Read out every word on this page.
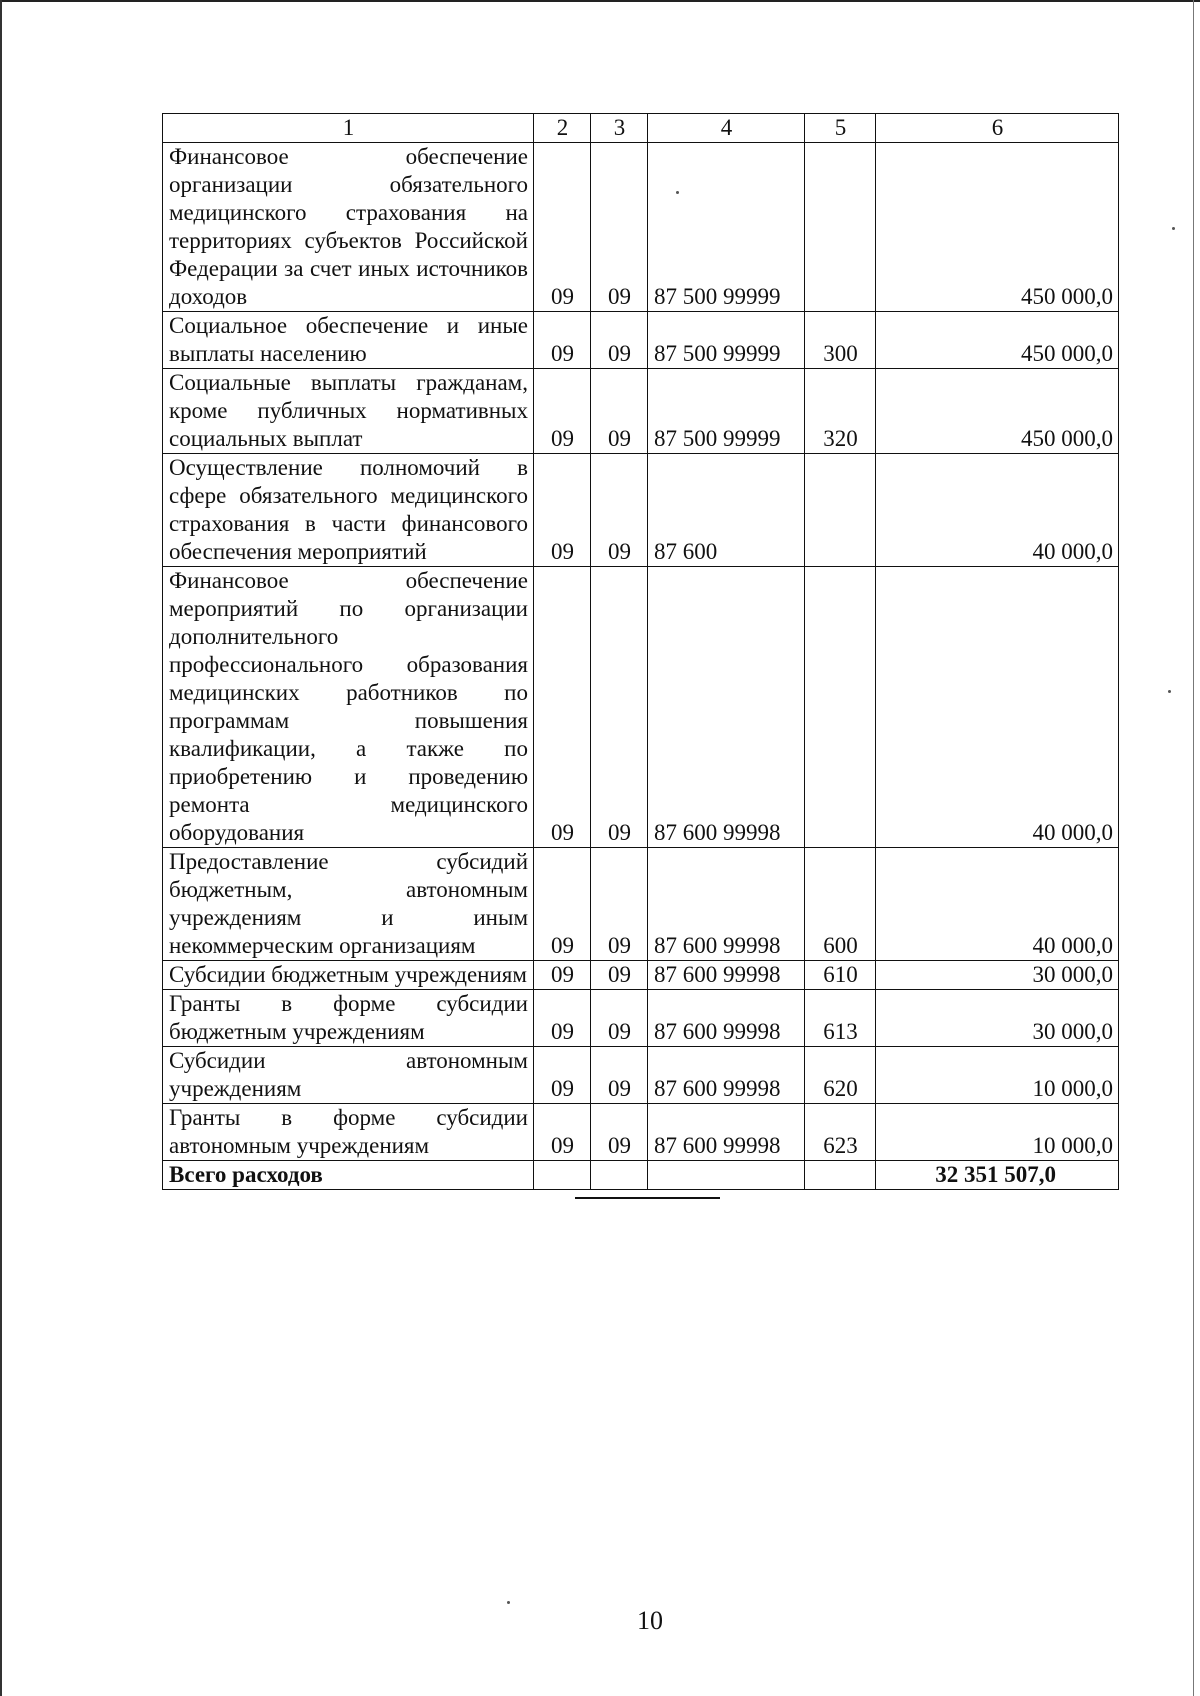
1	2	3	4	5	6
Финансовое обеспечение организации обязательного медицинского страхования на территориях субъектов Российской Федерации за счет иных источников доходов	09	09	87 500 99999		450 000,0
Социальное обеспечение и иные выплаты населению	09	09	87 500 99999	300	450 000,0
Социальные выплаты гражданам, кроме публичных нормативных социальных выплат	09	09	87 500 99999	320	450 000,0
Осуществление полномочий в сфере обязательного медицинского страхования в части финансового обеспечения мероприятий	09	09	87 600		40 000,0
Финансовое обеспечение мероприятий по организации дополнительного профессионального образования медицинских работников по программам повышения квалификации, а также по приобретению и проведению ремонта медицинского оборудования	09	09	87 600 99998		40 000,0
Предоставление субсидий бюджетным, автономным учреждениям и иным некоммерческим организациям	09	09	87 600 99998	600	40 000,0
Субсидии бюджетным учреждениям	09	09	87 600 99998	610	30 000,0
Гранты в форме субсидии бюджетным учреждениям	09	09	87 600 99998	613	30 000,0
Субсидии автономным учреждениям	09	09	87 600 99998	620	10 000,0
Гранты в форме субсидии автономным учреждениям	09	09	87 600 99998	623	10 000,0
Всего расходов					32 351 507,0
10
